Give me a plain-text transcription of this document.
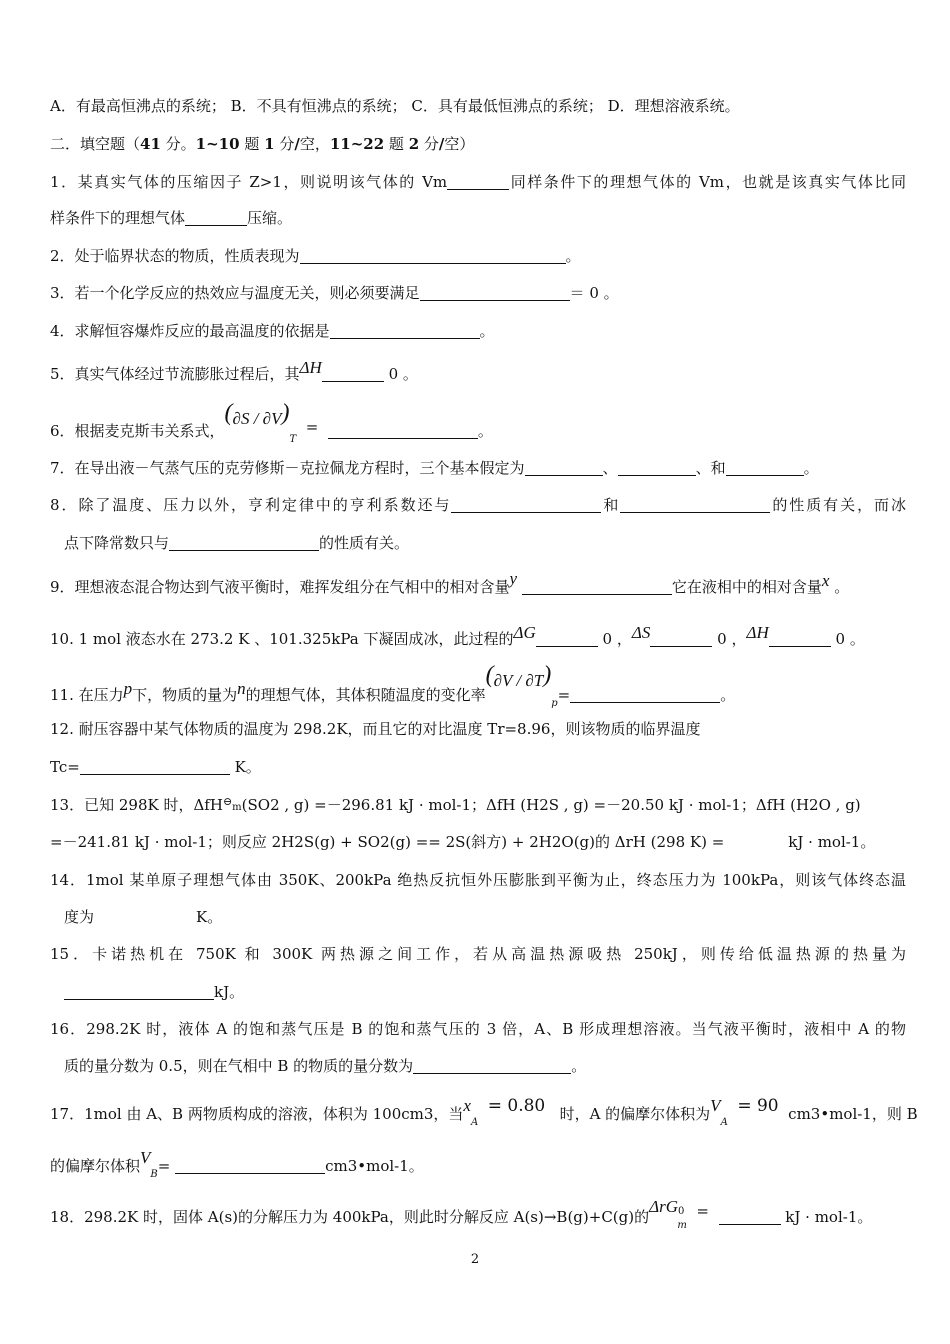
A．有最高恒沸点的系统； B．不具有恒沸点的系统； C．具有最低恒沸点的系统； D．理想溶液系统。
二．填空题（41 分。1~10 题 1 分/空，11~22 题 2 分/空）
1．某真实气体的压缩因子 Z>1，则说明该气体的 Vm	同样条件下的理想气体的 Vm，也就是该真实气体比同
样条件下的理想气体	压缩。
2．处于临界状态的物质，性质表现为	。
3．若一个化学反应的热效应与温度无关，则必须要满足	＝ 0 。
4．求解恒容爆炸反应的最高温度的依据是	。
5．真实气体经过节流膨胀过程后，其ΔH	0 。
6．根据麦克斯韦关系式，$(\partial S / \partial V)_T$  =	。
7．在导出液－气蒸气压的克劳修斯－克拉佩龙方程时，三个基本假定为	、	、和	。
8．除了温度、压力以外，亨利定律中的亨利系数还与	和	的性质有关，而冰
点下降常数只与	的性质有关。
9．理想液态混合物达到气液平衡时，难挥发组分在气相中的相对含量y	它在液相中的相对含量x 。
10. 1 mol 液态水在 273.2 K 、101.325kPa 下凝固成冰，此过程的ΔG	0 ，ΔS	0 ，ΔH	0 。
11. 在压力p下，物质的量为n的理想气体，其体积随温度的变化率$(\partial V / \partial T)_p=$	。
12. 耐压容器中某气体物质的温度为 298.2K，而且它的对比温度 Tr=8.96，则该物质的临界温度
Tc=	K。
13．已知 298K 时，ΔfH⊖m(SO2 , g) =－296.81 kJ · mol-1；ΔfH (H2S , g) =－20.50 kJ · mol-1；ΔfH (H2O , g)
=－241.81 kJ · mol-1；则反应 2H2S(g) + SO2(g) == 2S(斜方) + 2H2O(g)的 ΔrH (298 K) =	kJ · mol-1。
14．1mol 某单原子理想气体由 350K、200kPa 绝热反抗恒外压膨胀到平衡为止，终态压力为 100kPa，则该气体终态温
度为	K。
15．卡诺热机在 750K 和 300K 两热源之间工作，若从高温热源吸热 250kJ，则传给低温热源的热量为
kJ。
16．298.2K 时，液体 A 的饱和蒸气压是 B 的饱和蒸气压的 3 倍，A、B 形成理想溶液。当气液平衡时，液相中 A 的物
质的量分数为 0.5，则在气相中 B 的物质的量分数为	。
17．1mol 由 A、B 两物质构成的溶液，体积为 100cm3，当$x_A = 0.80$ 时，A 的偏摩尔体积为$V_A = 90$ cm3•mol-1，则 B
的偏摩尔体积$V_B=$	cm3•mol-1。
18．298.2K 时，固体 A(s)的分解压力为 400kPa，则此时分解反应 A(s)→B(g)+C(g)的ΔrG$^0_m$  =	kJ · mol-1。
2
